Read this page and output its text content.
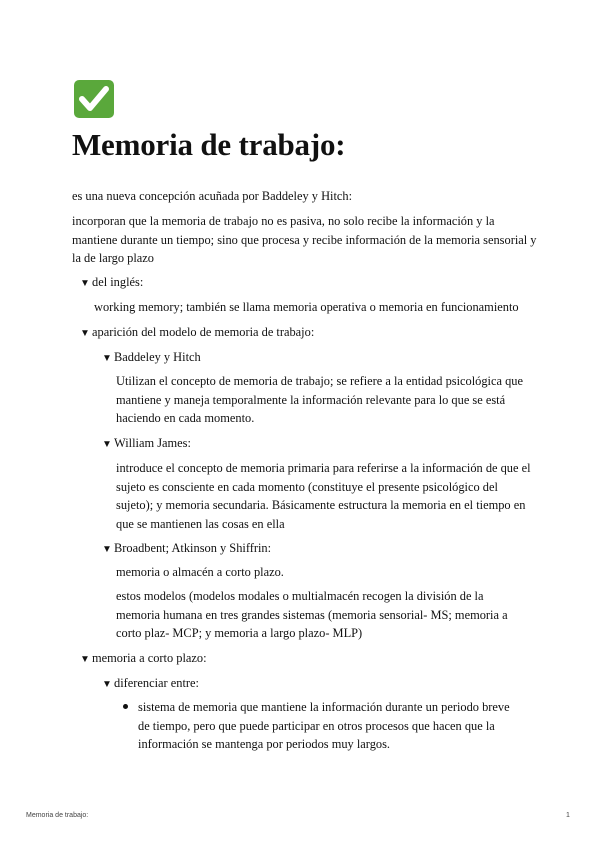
Memoria de trabajo:

es una nueva concepción acuñada por Baddeley y Hitch:

incorporan que la memoria de trabajo no es pasiva, no solo recibe la información y la mantiene durante un tiempo; sino que procesa y recibe información de la memoria sensorial y la de largo plazo

▼ del inglés:

working memory; también se llama memoria operativa o memoria en funcionamiento

▼ aparición del modelo de memoria de trabajo:
▼ Baddeley y Hitch

Utilizan el concepto de memoria de trabajo; se refiere a la entidad psicológica que mantiene y maneja temporalmente la información relevante para lo que se está haciendo en cada momento.

▼ William James:

introduce el concepto de memoria primaria para referirse a la información de que el sujeto es consciente en cada momento (constituye el presente psicológico del sujeto); y memoria secundaria. Básicamente estructura la memoria en el tiempo en que se mantienen las cosas en ella

▼ Broadbent; Atkinson y Shiffrin:

memoria o almacén a corto plazo.

estos modelos (modelos modales o multialmacén recogen la división de la memoria humana en tres grandes sistemas (memoria sensorial- MS; memoria a corto plaz- MCP; y memoria a largo plazo- MLP)

▼ memoria a corto plazo:
▼ diferenciar entre:

sistema de memoria que mantiene la información durante un periodo breve de tiempo, pero que puede participar en otros procesos que hacen que la información se mantenga por periodos muy largos.

Memoria de trabajo:	1
